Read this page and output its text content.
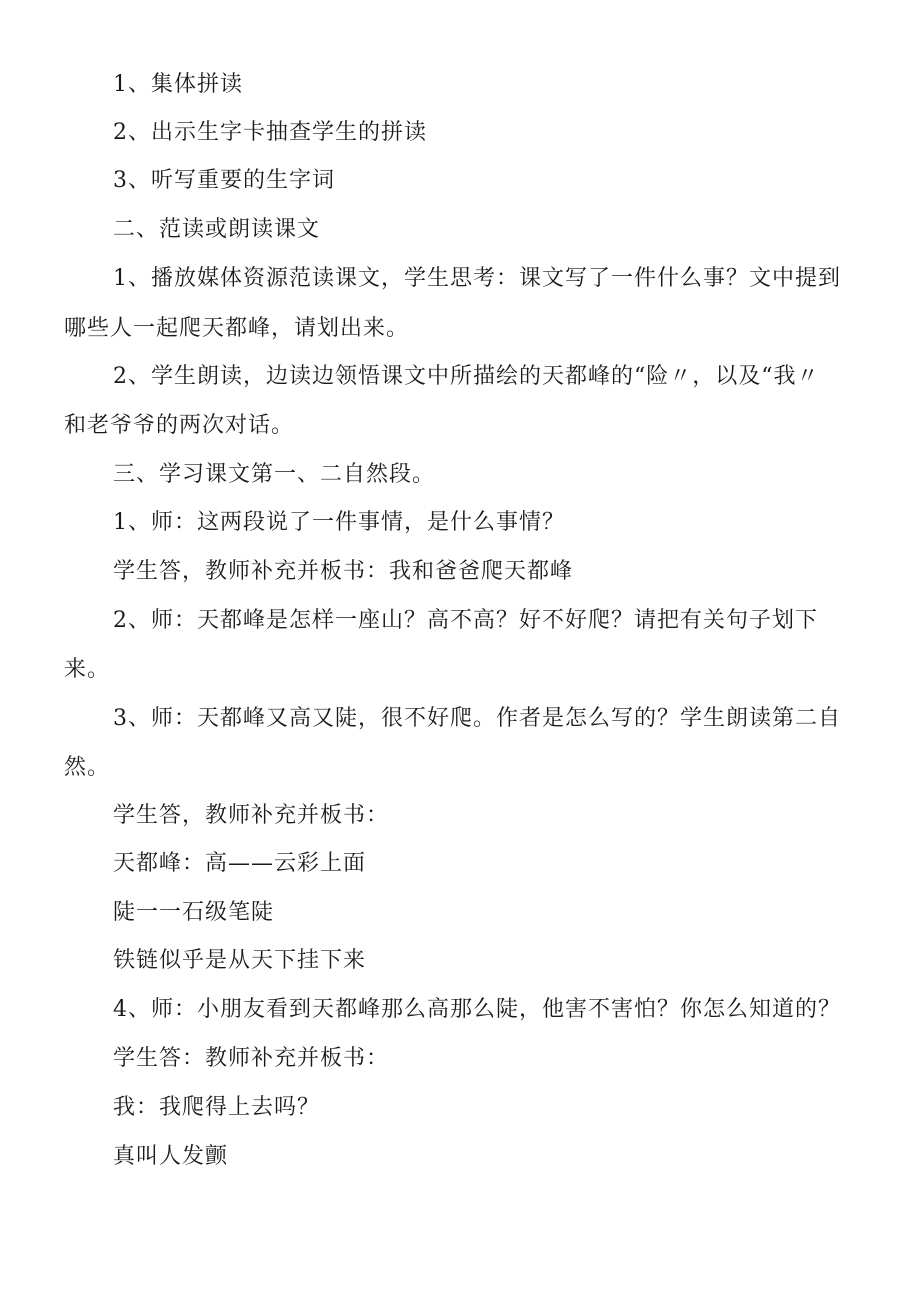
1、集体拼读
2、出示生字卡抽查学生的拼读
3、听写重要的生字词
二、范读或朗读课文
1、播放媒体资源范读课文，学生思考：课文写了一件什么事？文中提到
哪些人一起爬天都峰，请划出来。
2、学生朗读，边读边领悟课文中所描绘的天都峰的“险〃，以及“我〃
和老爷爷的两次对话。
三、学习课文第一、二自然段。
1、师：这两段说了一件事情，是什么事情？
学生答，教师补充并板书：我和爸爸爬天都峰
2、师：天都峰是怎样一座山？高不高？好不好爬？请把有关句子划下
来。
3、师：天都峰又高又陡，很不好爬。作者是怎么写的？学生朗读第二自
然。
学生答，教师补充并板书：
天都峰：高——云彩上面
陡一一石级笔陡
铁链似乎是从天下挂下来
4、师：小朋友看到天都峰那么高那么陡，他害不害怕？你怎么知道的？
学生答：教师补充并板书：
我：我爬得上去吗？
真叫人发颤
